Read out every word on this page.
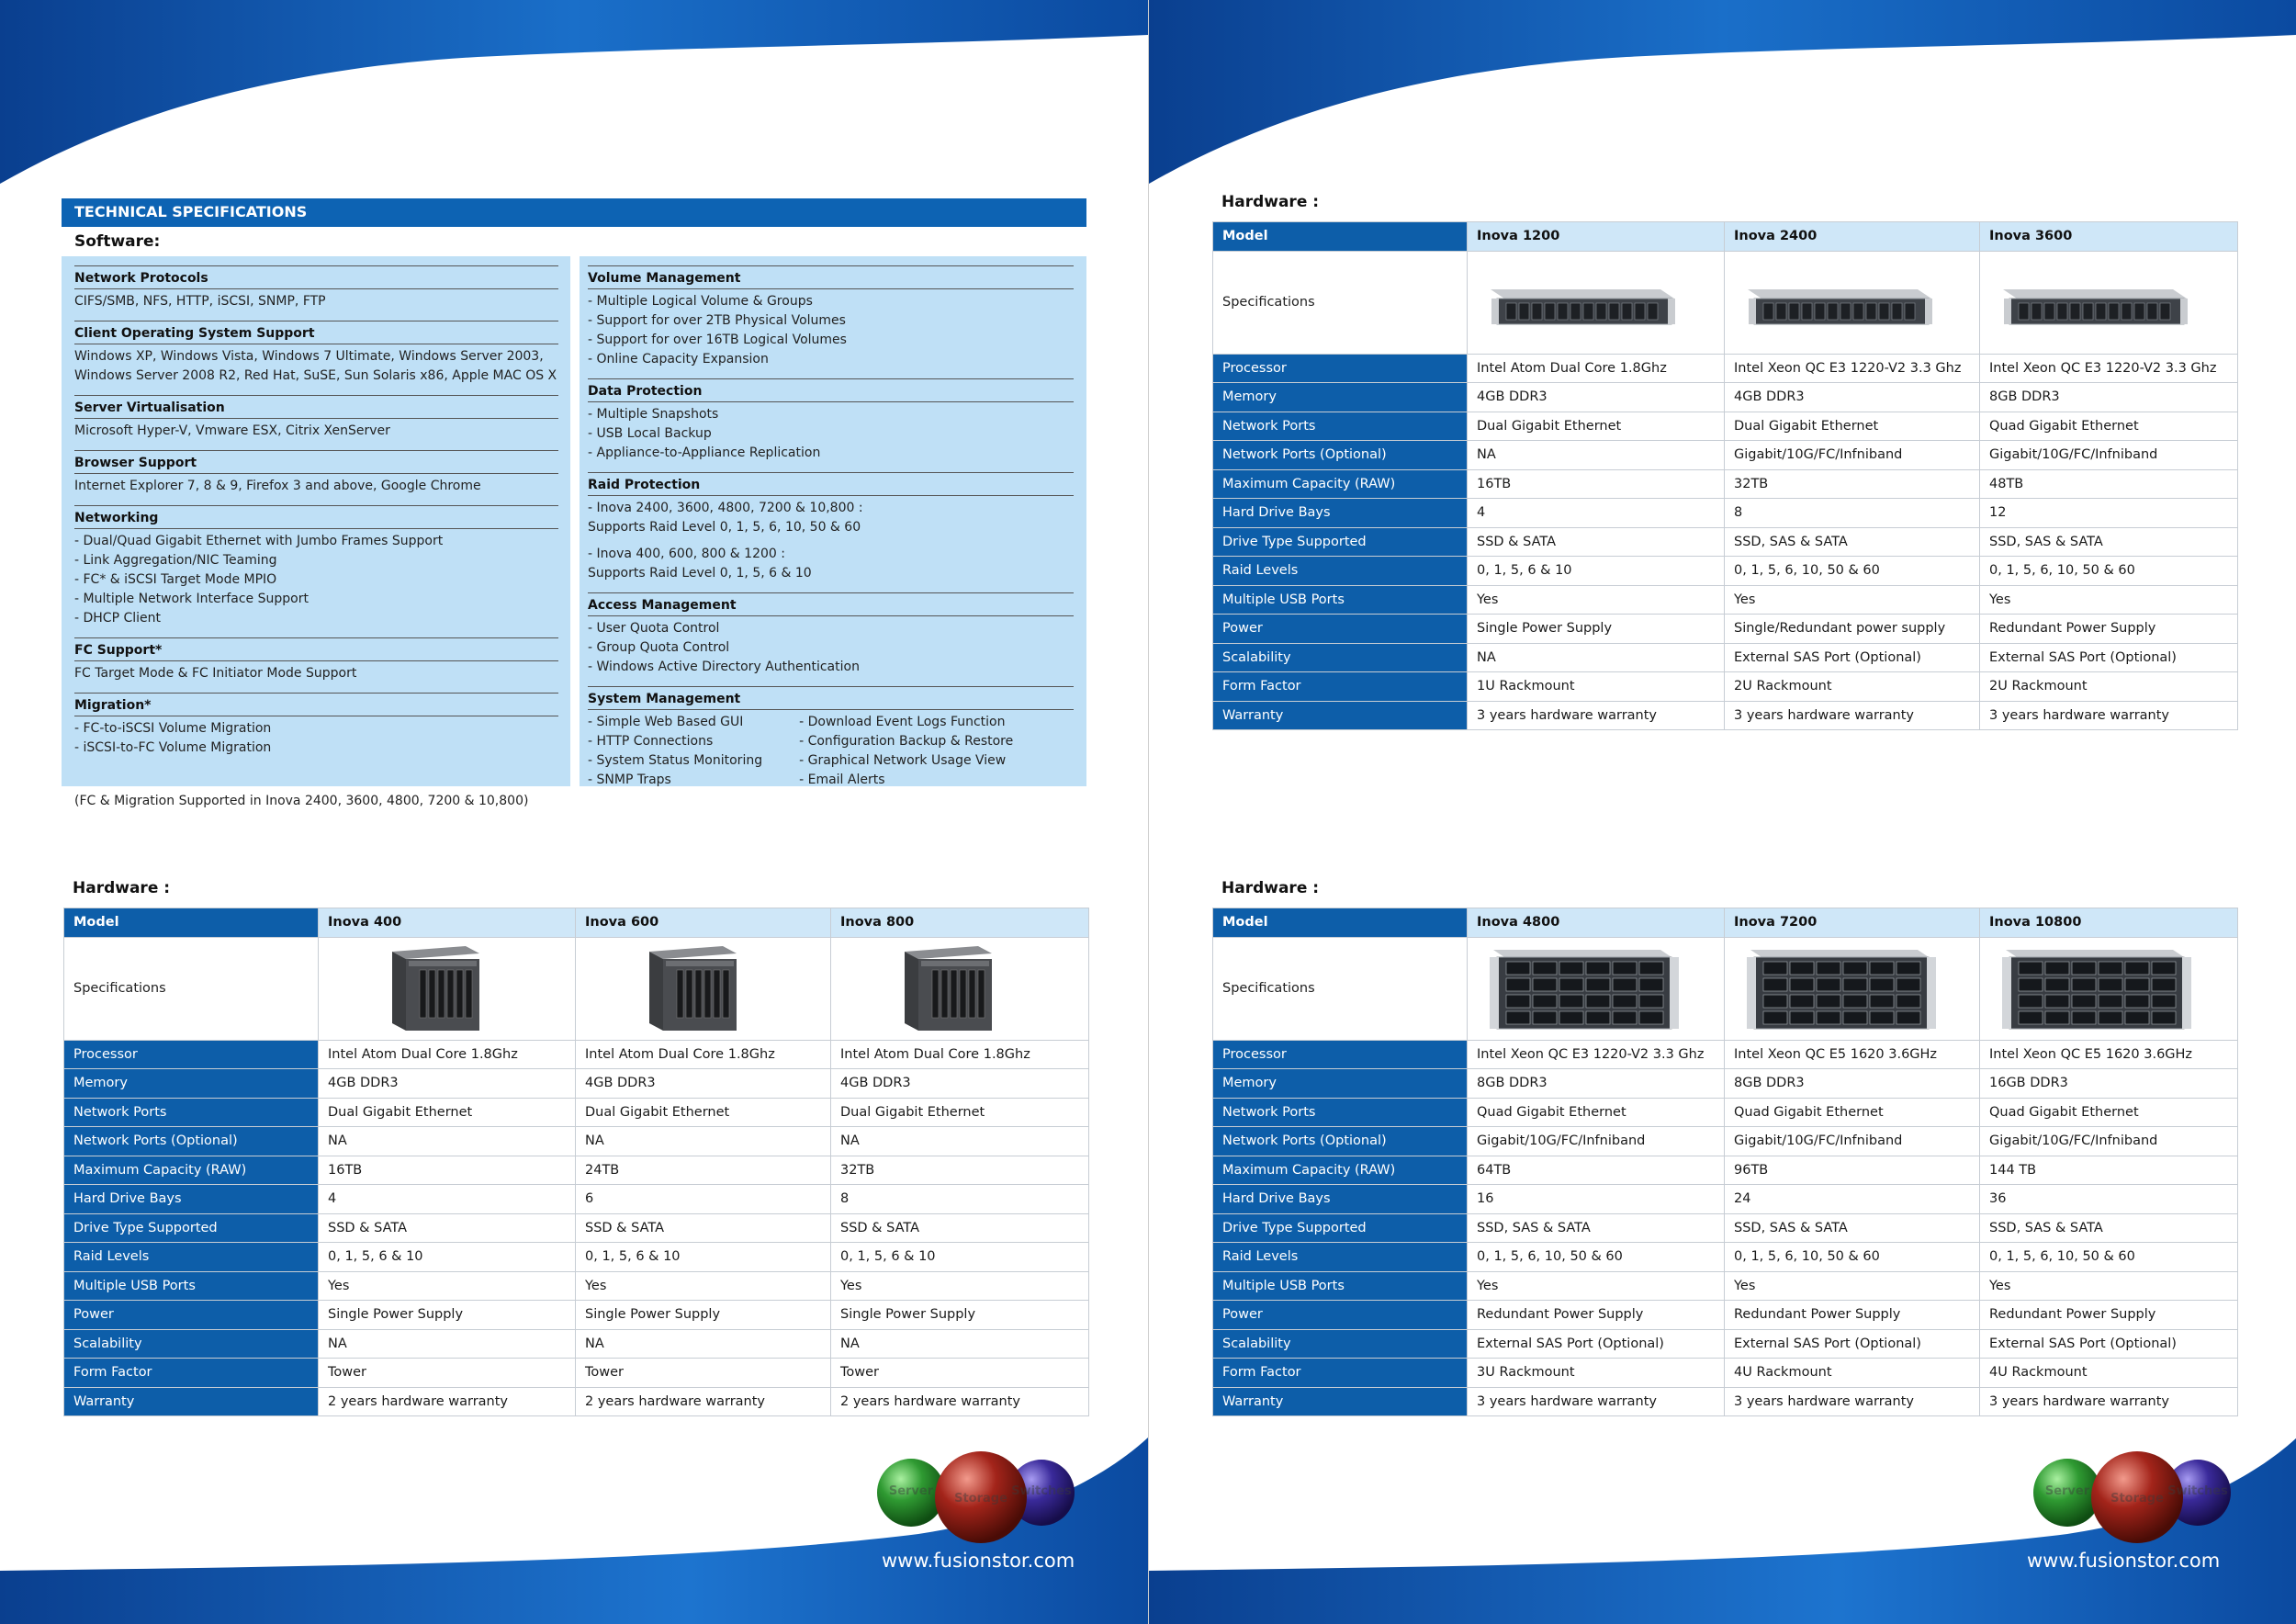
TECHNICAL SPECIFICATIONS
Software:
Network Protocols
CIFS/SMB, NFS, HTTP, iSCSI, SNMP, FTP
Client Operating System Support
Windows XP, Windows Vista, Windows 7 Ultimate, Windows Server 2003,
Windows Server 2008 R2, Red Hat, SuSE, Sun Solaris x86, Apple MAC OS X
Server Virtualisation
Microsoft Hyper-V, Vmware ESX, Citrix XenServer
Browser Support
Internet Explorer 7, 8 & 9, Firefox 3 and above, Google Chrome
Networking
- Dual/Quad Gigabit Ethernet with Jumbo Frames Support
- Link Aggregation/NIC Teaming
- FC* & iSCSI Target Mode MPIO
- Multiple Network Interface Support
- DHCP Client
FC Support*
FC Target Mode & FC Initiator Mode Support
Migration*
- FC-to-iSCSI Volume Migration
- iSCSI-to-FC Volume Migration
Volume Management
- Multiple Logical Volume & Groups
- Support for over 2TB Physical Volumes
- Support for over 16TB Logical Volumes
- Online Capacity Expansion
Data Protection
- Multiple Snapshots
- USB Local Backup
- Appliance-to-Appliance Replication
Raid Protection
- Inova 2400, 3600, 4800, 7200 & 10,800 :
Supports Raid Level 0, 1, 5, 6, 10, 50 & 60
- Inova 400, 600, 800 & 1200 :
Supports Raid Level 0, 1, 5, 6 & 10
Access Management
- User Quota Control
- Group Quota Control
- Windows Active Directory Authentication
System Management
- Simple Web Based GUI
- HTTP Connections
- System Status Monitoring
- SNMP Traps
- Download Event Logs Function
- Configuration Backup & Restore
- Graphical Network Usage View
- Email Alerts
(FC & Migration Supported in Inova 2400, 3600, 4800, 7200 & 10,800)
Hardware :
Model	Inova 400	Inova 600	Inova 800
Specifications			
Processor	Intel Atom Dual Core 1.8Ghz	Intel Atom Dual Core 1.8Ghz	Intel Atom Dual Core 1.8Ghz
Memory	4GB DDR3	4GB DDR3	4GB DDR3
Network Ports	Dual Gigabit Ethernet	Dual Gigabit Ethernet	Dual Gigabit Ethernet
Network Ports (Optional)	NA	NA	NA
Maximum Capacity (RAW)	16TB	24TB	32TB
Hard Drive Bays	4	6	8
Drive Type Supported	SSD & SATA	SSD & SATA	SSD & SATA
Raid Levels	0, 1, 5, 6 & 10	0, 1, 5, 6 & 10	0, 1, 5, 6 & 10
Multiple USB Ports	Yes	Yes	Yes
Power	Single Power Supply	Single Power Supply	Single Power Supply
Scalability	NA	NA	NA
Form Factor	Tower	Tower	Tower
Warranty	2 years hardware warranty	2 years hardware warranty	2 years hardware warranty
Server
Storage
Switches
www.fusionstor.com
Hardware :
Model	Inova 1200	Inova 2400	Inova 3600
Specifications			
Processor	Intel Atom Dual Core 1.8Ghz	Intel Xeon QC E3 1220-V2 3.3 Ghz	Intel Xeon QC E3 1220-V2 3.3 Ghz
Memory	4GB DDR3	4GB DDR3	8GB DDR3
Network Ports	Dual Gigabit Ethernet	Dual Gigabit Ethernet	Quad Gigabit Ethernet
Network Ports (Optional)	NA	Gigabit/10G/FC/Infniband	Gigabit/10G/FC/Infniband
Maximum Capacity (RAW)	16TB	32TB	48TB
Hard Drive Bays	4	8	12
Drive Type Supported	SSD & SATA	SSD, SAS & SATA	SSD, SAS & SATA
Raid Levels	0, 1, 5, 6 & 10	0, 1, 5, 6, 10, 50 & 60	0, 1, 5, 6, 10, 50 & 60
Multiple USB Ports	Yes	Yes	Yes
Power	Single Power Supply	Single/Redundant power supply	Redundant Power Supply
Scalability	NA	External SAS Port (Optional)	External SAS Port (Optional)
Form Factor	1U Rackmount	2U Rackmount	2U Rackmount
Warranty	3 years hardware warranty	3 years hardware warranty	3 years hardware warranty
Hardware :
Model	Inova 4800	Inova 7200	Inova 10800
Specifications			
Processor	Intel Xeon QC E3 1220-V2 3.3 Ghz	Intel Xeon QC E5 1620 3.6GHz	Intel Xeon QC E5 1620 3.6GHz
Memory	8GB DDR3	8GB DDR3	16GB DDR3
Network Ports	Quad Gigabit Ethernet	Quad Gigabit Ethernet	Quad Gigabit Ethernet
Network Ports (Optional)	Gigabit/10G/FC/Infniband	Gigabit/10G/FC/Infniband	Gigabit/10G/FC/Infniband
Maximum Capacity (RAW)	64TB	96TB	144 TB
Hard Drive Bays	16	24	36
Drive Type Supported	SSD, SAS & SATA	SSD, SAS & SATA	SSD, SAS & SATA
Raid Levels	0, 1, 5, 6, 10, 50 & 60	0, 1, 5, 6, 10, 50 & 60	0, 1, 5, 6, 10, 50 & 60
Multiple USB Ports	Yes	Yes	Yes
Power	Redundant Power Supply	Redundant Power Supply	Redundant Power Supply
Scalability	External SAS Port (Optional)	External SAS Port (Optional)	External SAS Port (Optional)
Form Factor	3U Rackmount	4U Rackmount	4U Rackmount
Warranty	3 years hardware warranty	3 years hardware warranty	3 years hardware warranty
Server
Storage
Switches
www.fusionstor.com
